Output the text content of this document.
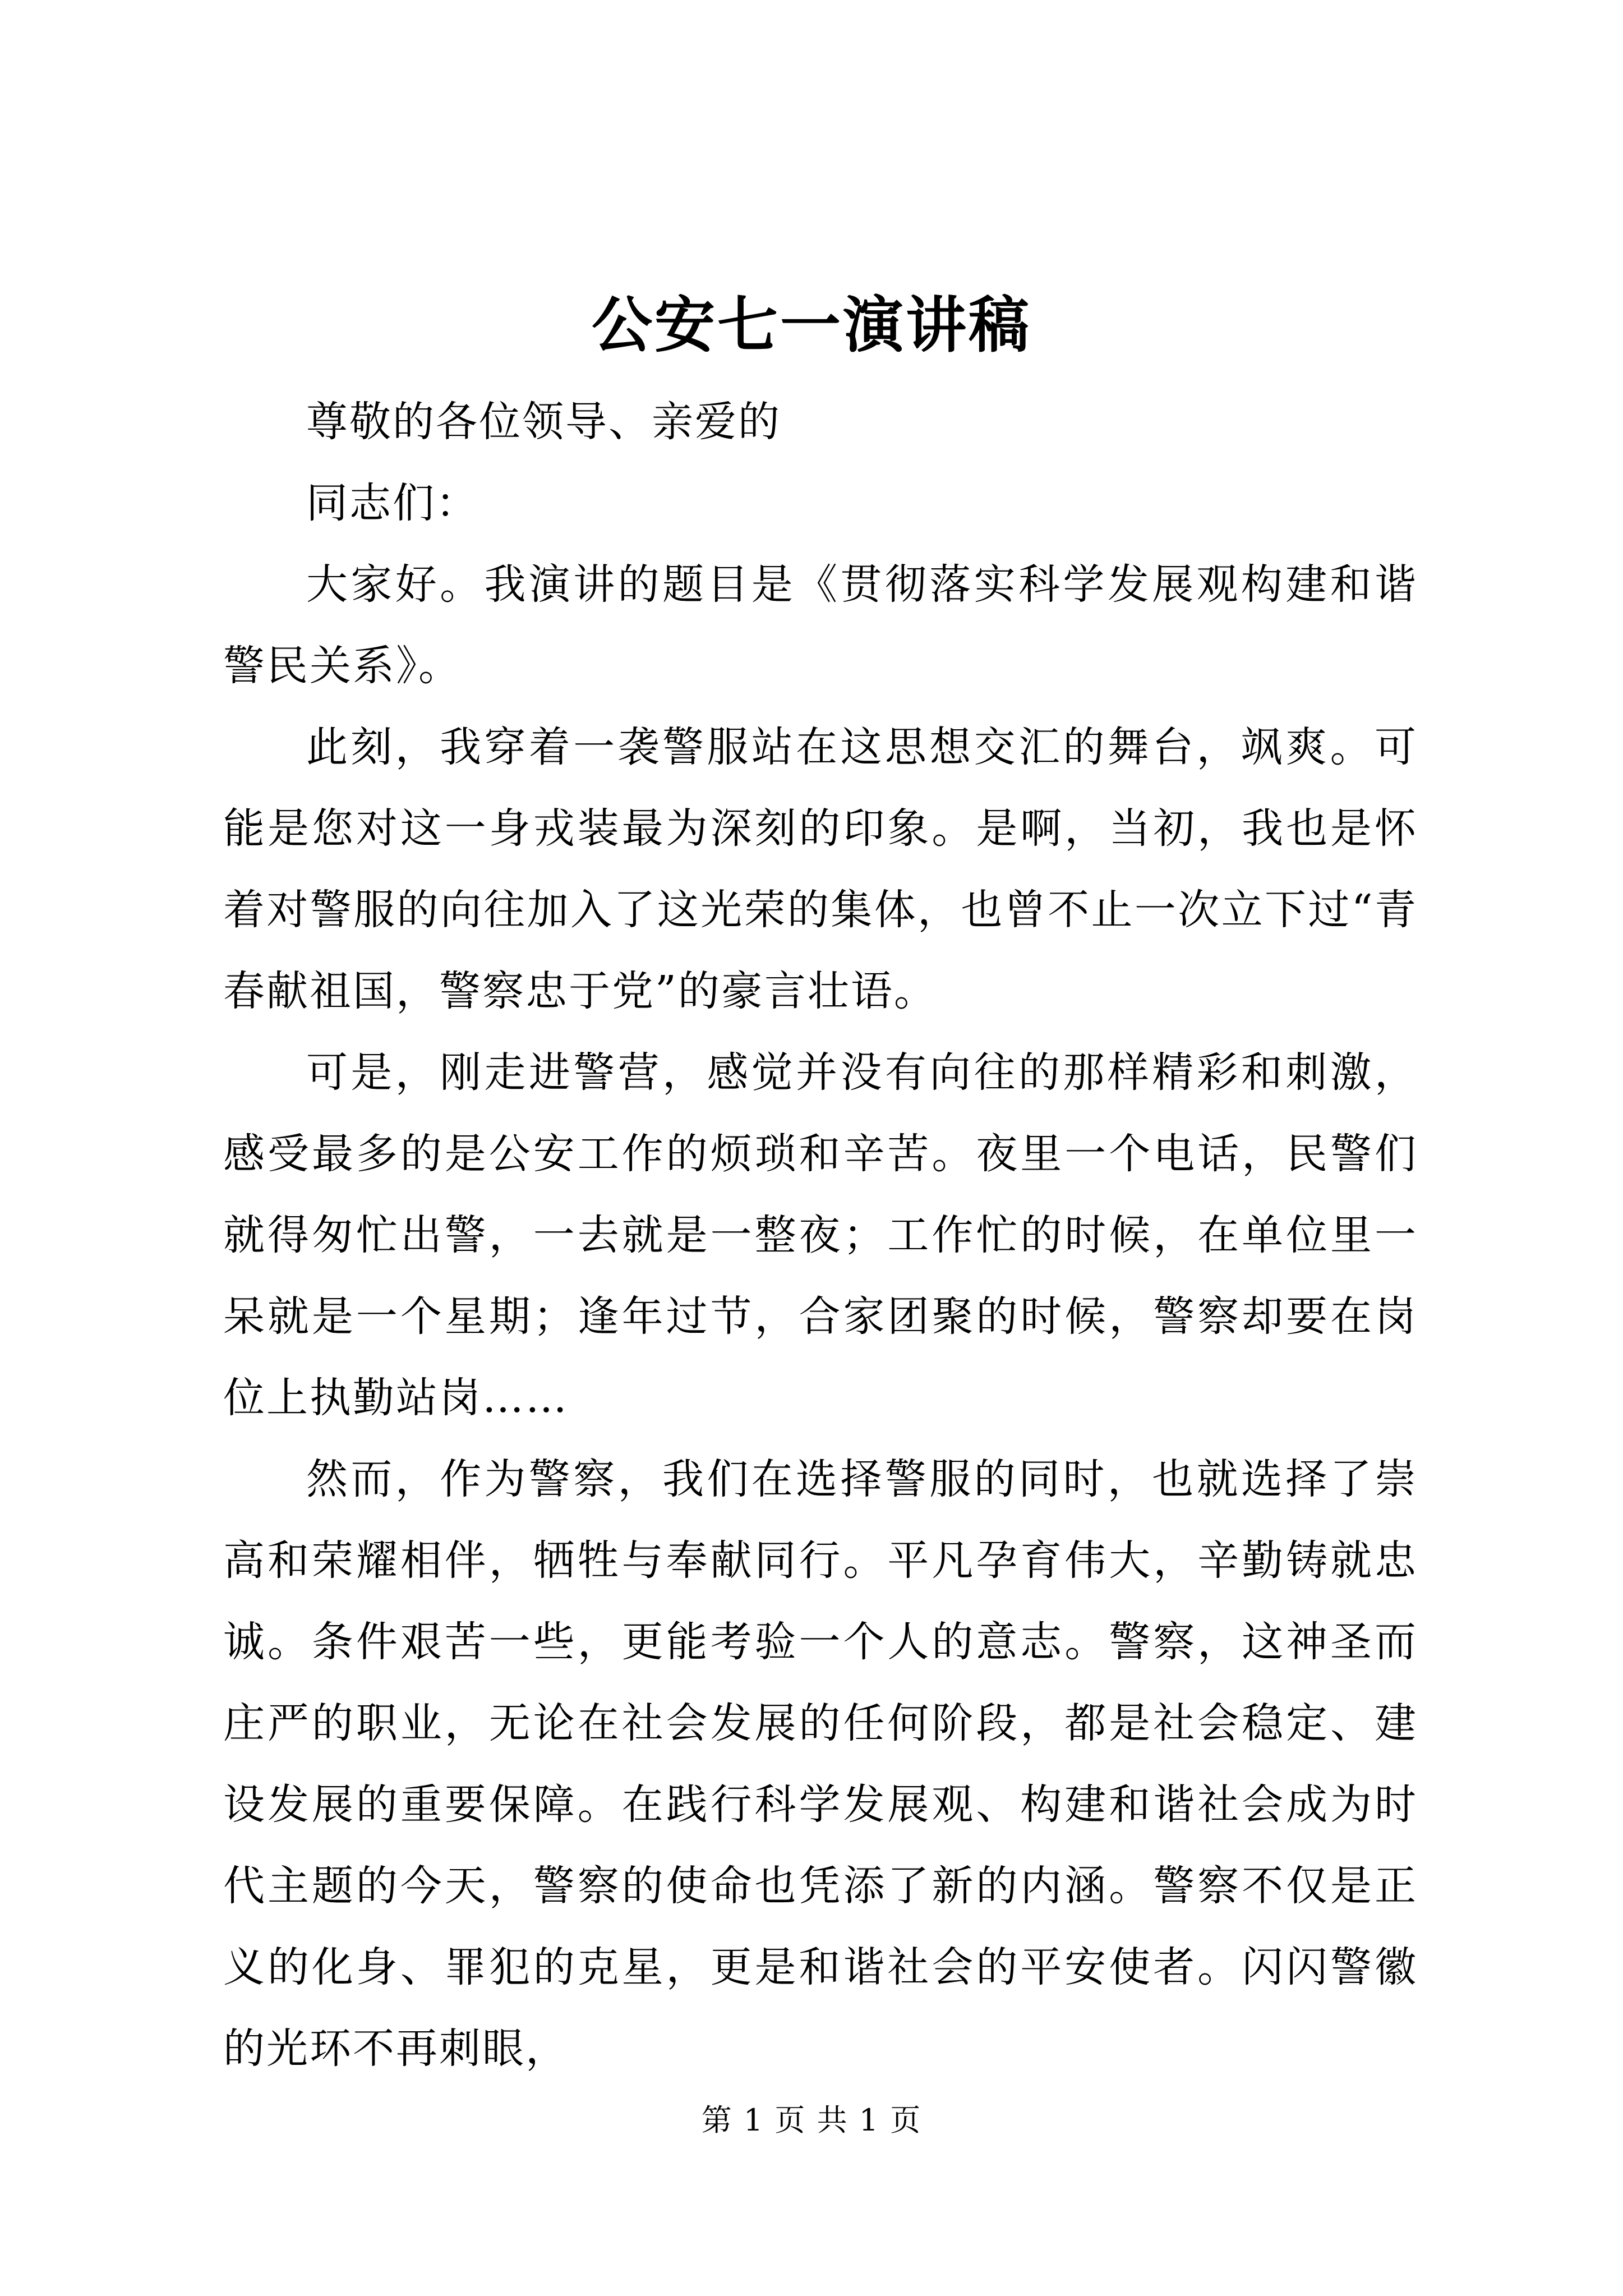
公安七一演讲稿

尊敬的各位领导、亲爱的

同志们：

大家好。我演讲的题目是《贯彻落实科学发展观构建和谐警民关系》。

此刻，我穿着一袭警服站在这思想交汇的舞台，飒爽。可能是您对这一身戎装最为深刻的印象。是啊，当初，我也是怀着对警服的向往加入了这光荣的集体，也曾不止一次立下过“青春献祖国，警察忠于党”的豪言壮语。

可是，刚走进警营，感觉并没有向往的那样精彩和刺激，感受最多的是公安工作的烦琐和辛苦。夜里一个电话，民警们就得匆忙出警，一去就是一整夜；工作忙的时候，在单位里一呆就是一个星期；逢年过节，合家团聚的时候，警察却要在岗位上执勤站岗……

然而，作为警察，我们在选择警服的同时，也就选择了崇高和荣耀相伴，牺牲与奉献同行。平凡孕育伟大，辛勤铸就忠诚。条件艰苦一些，更能考验一个人的意志。警察，这神圣而庄严的职业，无论在社会发展的任何阶段，都是社会稳定、建设发展的重要保障。在践行科学发展观、构建和谐社会成为时代主题的今天，警察的使命也凭添了新的内涵。警察不仅是正义的化身、罪犯的克星，更是和谐社会的平安使者。闪闪警徽的光环不再刺眼，

第 1 页 共 1 页
